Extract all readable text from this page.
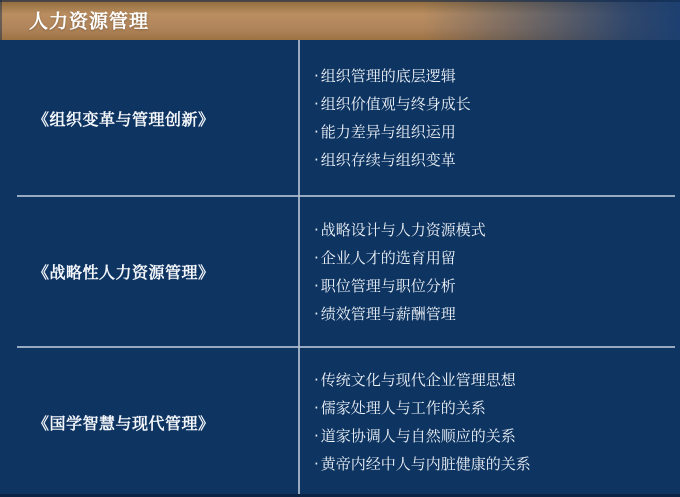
人力资源管理
《组织变革与管理创新》
· 组织管理的底层逻辑
· 组织价值观与终身成长
· 能力差异与组织运用
· 组织存续与组织变革
《战略性人力资源管理》
· 战略设计与人力资源模式
· 企业人才的选育用留
· 职位管理与职位分析
· 绩效管理与薪酬管理
《国学智慧与现代管理》
· 传统文化与现代企业管理思想
· 儒家处理人与工作的关系
· 道家协调人与自然顺应的关系
· 黄帝内经中人与内脏健康的关系
